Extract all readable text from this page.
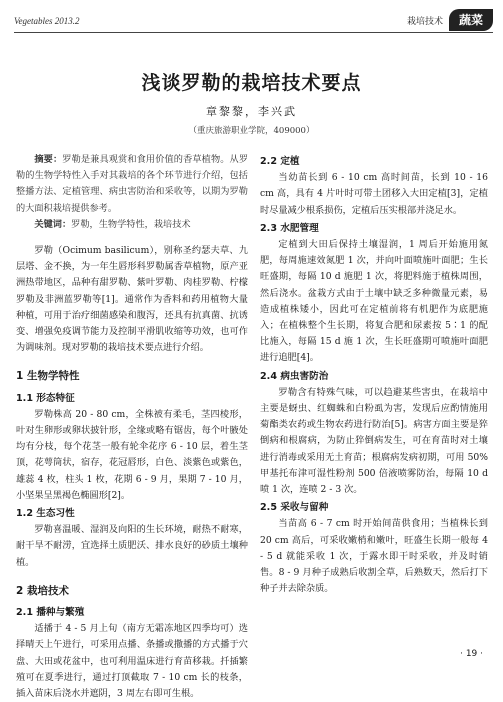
Vegetables 2013.2	栽培技术	蔬菜
浅谈罗勒的栽培技术要点
章黎黎，李兴武
（重庆旅游职业学院，409000）

摘要：罗勒是兼具观赏和食用价值的香草植物。从罗勒的生物学特性入手对其栽培的各个环节进行介绍，包括整播方法、定植管理、病虫害防治和采收等，以期为罗勒的大面积栽培提供参考。

关键词：罗勒，生物学特性，栽培技术

罗勒（Ocimum basilicum），别称圣约瑟夫草、九层塔、金不换，为一年生唇形科罗勒属香草植物，原产亚洲热带地区，品种有甜罗勒、紫叶罗勒、肉桂罗勒、柠檬罗勒及非洲蓝罗勒等[1]。通常作为香料和药用植物大量种植，可用于治疗细菌感染和腹泻，还具有抗真菌、抗诱变、增强免疫调节能力及控制平滑肌收缩等功效，也可作为调味剂。现对罗勒的栽培技术要点进行介绍。

1 生物学特性
1.1 形态特征

罗勒株高 20 - 80 cm，全株被有柔毛，茎四棱形，叶对生卵形或卵状披针形，全缘或略有锯齿，每个叶腋处均有分枝，每个花茎一般有轮伞花序 6 - 10 层，着生茎顶，花萼筒状，宿存，花冠唇形，白色、淡紫色或紫色，雄蕊 4 枚，柱头 1 枚，花期 6 - 9 月，果期 7 - 10 月，小坚果呈黑褐色椭圆形[2]。

1.2 生态习性

罗勒喜温暖、湿润及向阳的生长环境，耐热不耐寒，耐干旱不耐涝，宜选择土质肥沃、排水良好的砂质土壤种植。

2 栽培技术
2.1 播种与繁殖

适播于 4 - 5 月上旬（南方无霜冻地区四季均可）选择晴天上午进行，可采用点播、条播或撒播的方式播于穴盘、大田或花盆中，也可利用温床进行育苗移栽。扦插繁殖可在夏季进行，通过打顶截取 7 - 10 cm 长的枝条，插入苗床后浇水并遮阴，3 周左右即可生根。

2.2 定植

当幼苗长到 6 - 10 cm 高时间苗，长到 10 - 16 cm 高，具有 4 片叶时可带土团移入大田定植[3]，定植时尽量减少根系损伤，定植后压实根部并浇足水。

2.3 水肥管理

定植到大田后保持土壤湿润，1 周后开始施用氮肥，每周施速效氮肥 1 次，并向叶面喷施叶面肥；生长旺盛期，每隔 10 d 施肥 1 次，将肥料施于植株周围，然后浇水。盆栽方式由于土壤中缺乏多种微量元素，易造成植株矮小，因此可在定植前将有机肥作为底肥施入；在植株整个生长期，将复合肥和尿素按 5∶1 的配比施入，每隔 15 d 施 1 次，生长旺盛期可喷施叶面肥进行追肥[4]。

2.4 病虫害防治

罗勒含有特殊气味，可以趋避某些害虫，在栽培中主要是蚜虫、红蜘蛛和白粉虱为害，发现后应酌情施用菊酯类农药或生物农药进行防治[5]。病害方面主要是猝倒病和根腐病，为防止猝倒病发生，可在育苗时对土壤进行消毒或采用无土育苗；根腐病发病初期，可用 50% 甲基托布津可湿性粉剂 500 倍液喷雾防治，每隔 10 d 喷 1 次，连喷 2 - 3 次。

2.5 采收与留种

当苗高 6 - 7 cm 时开始间苗供食用；当植株长到 20 cm 高后，可采收嫩梢和嫩叶，旺盛生长期一般每 4 - 5 d 就能采收 1 次，于露水即干时采收，并及时销售。8 - 9 月种子成熟后收割全草，后熟数天，然后打下种子并去除杂质。

· 19 ·
